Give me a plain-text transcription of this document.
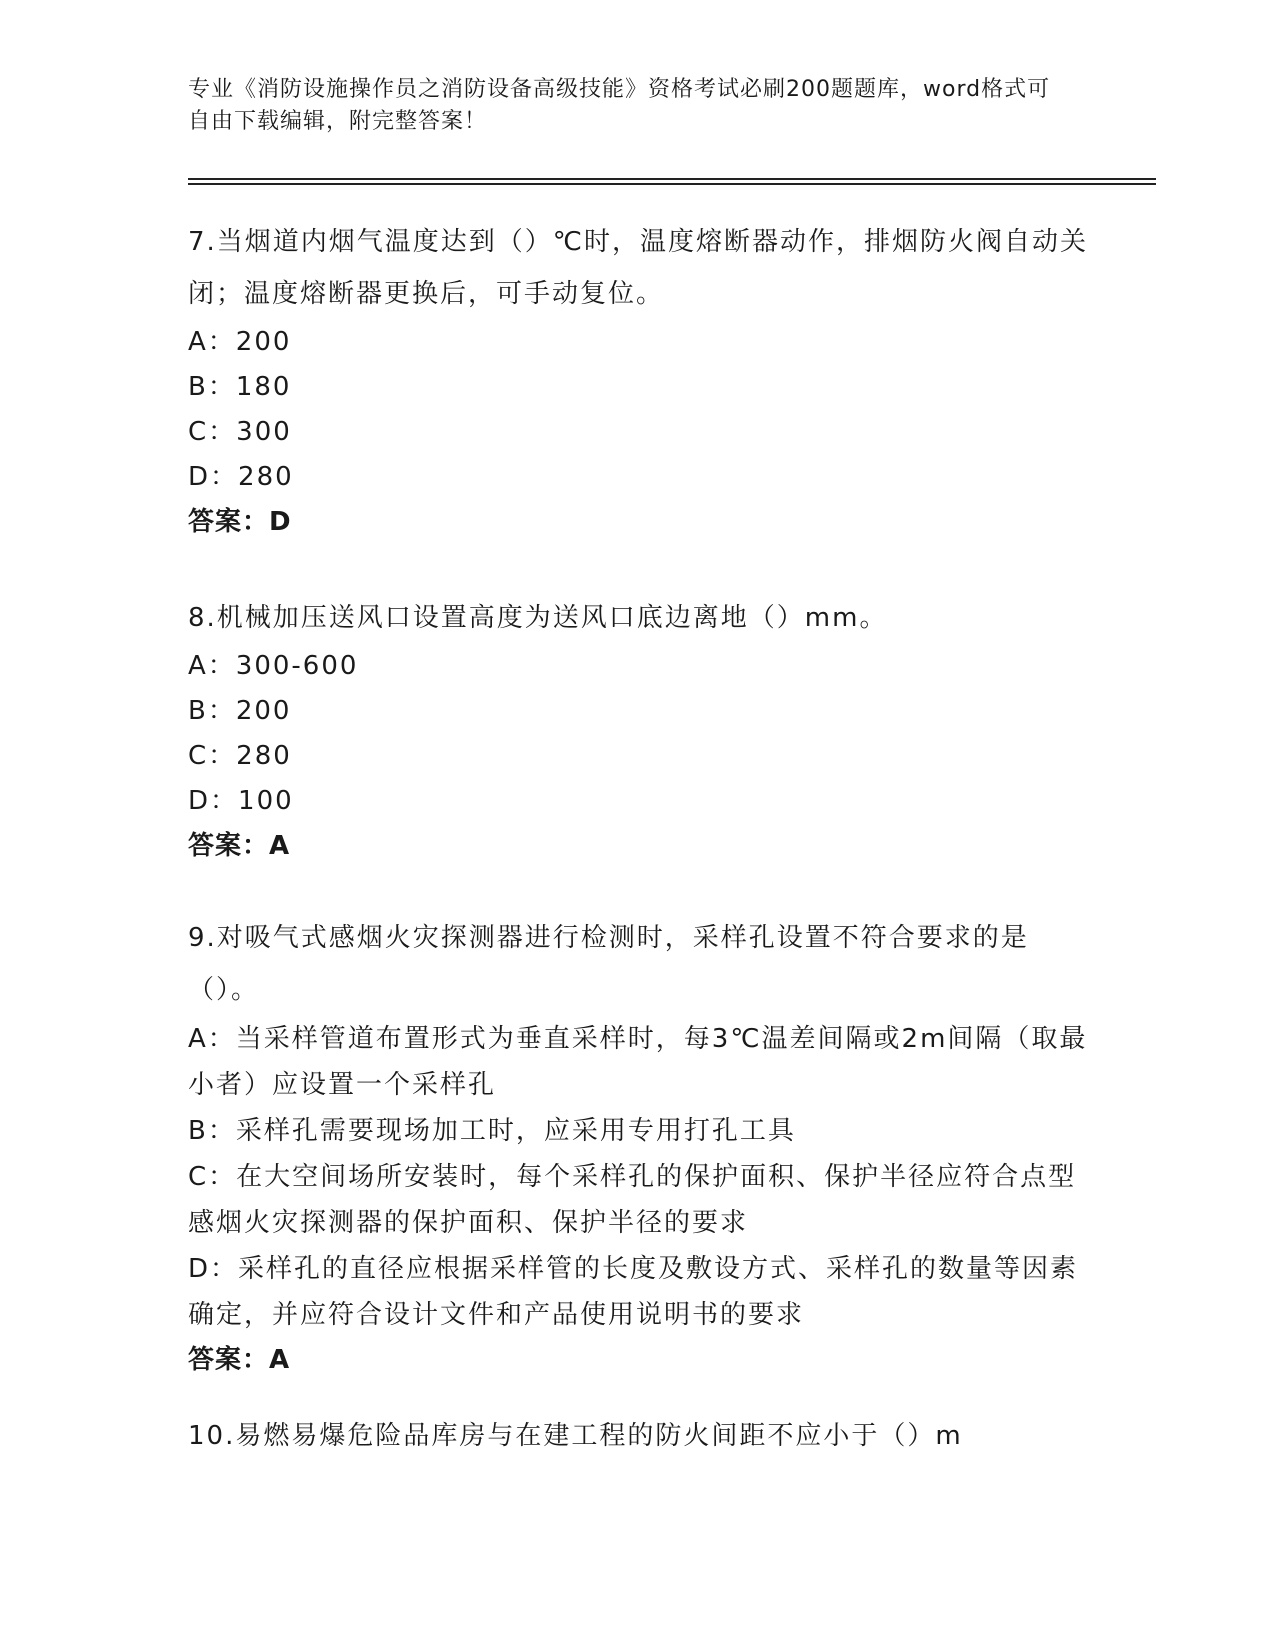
专业《消防设施操作员之消防设备高级技能》资格考试必刷200题题库，word格式可自由下载编辑，附完整答案！

7.当烟道内烟气温度达到（）℃时，温度熔断器动作，排烟防火阀自动关闭；温度熔断器更换后，可手动复位。

A：200

B：180

C：300

D：280

答案：D

8.机械加压送风口设置高度为送风口底边离地（）mm。

A：300-600

B：200

C：280

D：100

答案：A

9.对吸气式感烟火灾探测器进行检测时，采样孔设置不符合要求的是（）。

A：当采样管道布置形式为垂直采样时，每3℃温差间隔或2m间隔（取最小者）应设置一个采样孔

B：采样孔需要现场加工时，应采用专用打孔工具

C：在大空间场所安装时，每个采样孔的保护面积、保护半径应符合点型感烟火灾探测器的保护面积、保护半径的要求

D：采样孔的直径应根据采样管的长度及敷设方式、采样孔的数量等因素确定，并应符合设计文件和产品使用说明书的要求

答案：A

10.易燃易爆危险品库房与在建工程的防火间距不应小于（）m
